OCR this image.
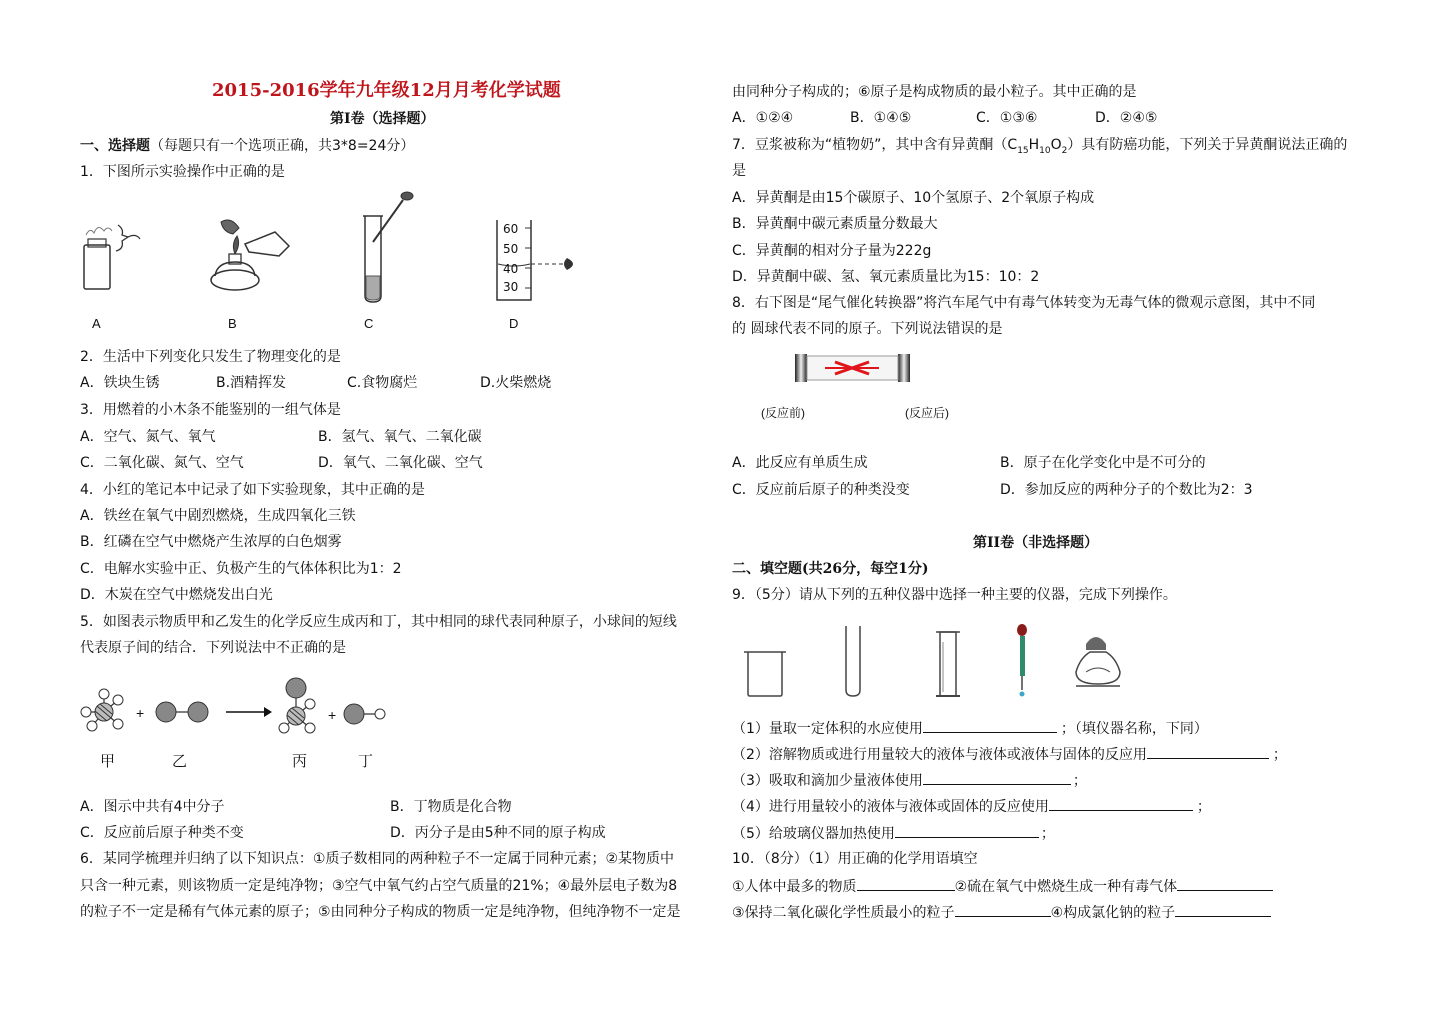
2015-2016学年九年级12月月考化学试题
第I卷（选择题）
一、选择题（每题只有一个选项正确，共3*8=24分）
1．下图所示实验操作中正确的是
60
50
40
30
A	B	C	D
2．生活中下列变化只发生了物理变化的是
A．铁块生锈	B.酒精挥发	C.食物腐烂	D.火柴燃烧
3．用燃着的小木条不能鉴别的一组气体是
A．空气、氮气、氧气	B．氢气、氧气、二氧化碳
C．二氧化碳、氮气、空气	D．氧气、二氧化碳、空气
4．小红的笔记本中记录了如下实验现象，其中正确的是
A．铁丝在氧气中剧烈燃烧，生成四氧化三铁
B．红磷在空气中燃烧产生浓厚的白色烟雾
C．电解水实验中正、负极产生的气体体积比为1：2
D．木炭在空气中燃烧发出白光
5．如图表示物质甲和乙发生的化学反应生成丙和丁，其中相同的球代表同种原子，小球间的短线
代表原子间的结合．下列说法中不正确的是
+	+
甲	乙	丙	丁
A．图示中共有4中分子	B．丁物质是化合物
C．反应前后原子种类不变	D．丙分子是由5种不同的原子构成
6．某同学梳理并归纳了以下知识点：①质子数相同的两种粒子不一定属于同种元素；②某物质中
只含一种元素，则该物质一定是纯净物；③空气中氧气约占空气质量的21%；④最外层电子数为8
的粒子不一定是稀有气体元素的原子；⑤由同种分子构成的物质一定是纯净物，但纯净物不一定是
由同种分子构成的；⑥原子是构成物质的最小粒子。其中正确的是
A．①②④	B．①④⑤	C．①③⑥	D．②④⑤
7．豆浆被称为“植物奶”，其中含有异黄酮$(C_{15}H_{10}O_2)$具有防癌功能，下列关于异黄酮说法正确的
是
A．异黄酮是由15个碳原子、10个氢原子、2个氧原子构成
B．异黄酮中碳元素质量分数最大
C．异黄酮的相对分子量为222g
D．异黄酮中碳、氢、氧元素质量比为15：10：2
8．右下图是“尾气催化转换器”将汽车尾气中有毒气体转变为无毒气体的微观示意图，其中不同
的 圆球代表不同的原子。下列说法错误的是
(反应前)	(反应后)
A．此反应有单质生成	B．原子在化学变化中是不可分的
C．反应前后原子的种类没变	D．参加反应的两种分子的个数比为2：3
第II卷（非选择题）
二、填空题(共26分，每空1分)
9．（5分）请从下列的五种仪器中选择一种主要的仪器，完成下列操作。
（1）量取一定体积的水应使用	；（填仪器名称，下同）
（2）溶解物质或进行用量较大的液体与液体或液体与固体的反应用	；
（3）吸取和滴加少量液体使用	；
（4）进行用量较小的液体与液体或固体的反应使用	；
（5）给玻璃仪器加热使用	；
10．（8分）（1）用正确的化学用语填空
①人体中最多的物质	②硫在氧气中燃烧生成一种有毒气体
③保持二氧化碳化学性质最小的粒子	④构成氯化钠的粒子
